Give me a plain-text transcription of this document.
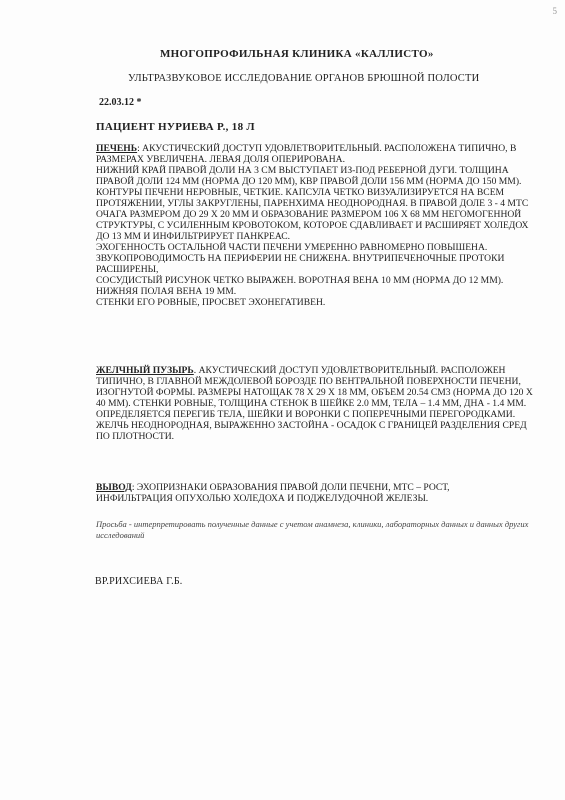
5
МНОГОПРОФИЛЬНАЯ КЛИНИКА «КАЛЛИСТО»
УЛЬТРАЗВУКОВОЕ ИССЛЕДОВАНИЕ ОРГАНОВ БРЮШНОЙ ПОЛОСТИ
22.03.12 *
ПАЦИЕНТ НУРИЕВА Р., 18 Л

ПЕЧЕНЬ: АКУСТИЧЕСКИЙ ДОСТУП УДОВЛЕТВОРИТЕЛЬНЫЙ. РАСПОЛОЖЕНА ТИПИЧНО, В РАЗМЕРАХ УВЕЛИЧЕНА. ЛЕВАЯ ДОЛЯ ОПЕРИРОВАНА.

НИЖНИЙ КРАЙ ПРАВОЙ ДОЛИ НА 3 СМ ВЫСТУПАЕТ ИЗ-ПОД РЕБЕРНОЙ ДУГИ. ТОЛЩИНА ПРАВОЙ ДОЛИ 124 ММ (НОРМА ДО 120 ММ), КВР ПРАВОЙ ДОЛИ 156 ММ (НОРМА ДО 150 ММ).

КОНТУРЫ ПЕЧЕНИ НЕРОВНЫЕ, ЧЕТКИЕ. КАПСУЛА ЧЕТКО ВИЗУАЛИЗИРУЕТСЯ НА ВСЕМ ПРОТЯЖЕНИИ, УГЛЫ ЗАКРУГЛЕНЫ, ПАРЕНХИМА НЕОДНОРОДНАЯ. В ПРАВОЙ ДОЛЕ 3 - 4 МТС ОЧАГА РАЗМЕРОМ ДО 29 Х 20 ММ И ОБРАЗОВАНИЕ РАЗМЕРОМ 106 Х 68 ММ НЕГОМОГЕННОЙ СТРУКТУРЫ, С УСИЛЕННЫМ КРОВОТОКОМ, КОТОРОЕ СДАВЛИВАЕТ И РАСШИРЯЕТ ХОЛЕДОХ ДО 13 ММ И ИНФИЛЬТРИРУЕТ ПАНКРЕАС.

ЭХОГЕННОСТЬ ОСТАЛЬНОЙ ЧАСТИ ПЕЧЕНИ УМЕРЕННО РАВНОМЕРНО ПОВЫШЕНА.

ЗВУКОПРОВОДИМОСТЬ НА ПЕРИФЕРИИ НЕ СНИЖЕНА. ВНУТРИПЕЧЕНОЧНЫЕ ПРОТОКИ РАСШИРЕНЫ,

СОСУДИСТЫЙ РИСУНОК ЧЕТКО ВЫРАЖЕН. ВОРОТНАЯ ВЕНА 10 ММ (НОРМА ДО 12 ММ).

НИЖНЯЯ ПОЛАЯ ВЕНА 19 ММ.

СТЕНКИ ЕГО РОВНЫЕ, ПРОСВЕТ ЭХОНЕГАТИВЕН.

ЖЕЛЧНЫЙ ПУЗЫРЬ. АКУСТИЧЕСКИЙ ДОСТУП УДОВЛЕТВОРИТЕЛЬНЫЙ. РАСПОЛОЖЕН ТИПИЧНО, В ГЛАВНОЙ МЕЖДОЛЕВОЙ БОРОЗДЕ ПО ВЕНТРАЛЬНОЙ ПОВЕРХНОСТИ ПЕЧЕНИ, ИЗОГНУТОЙ ФОРМЫ. РАЗМЕРЫ НАТОЩАК 78 Х 29 Х 18 ММ, ОБЪЕМ 20.54 СМ3 (НОРМА ДО 120 Х 40 ММ). СТЕНКИ РОВНЫЕ, ТОЛЩИНА СТЕНОК В ШЕЙКЕ 2.0 ММ, ТЕЛА – 1.4 ММ, ДНА - 1.4 ММ. ОПРЕДЕЛЯЕТСЯ ПЕРЕГИБ ТЕЛА, ШЕЙКИ И ВОРОНКИ С ПОПЕРЕЧНЫМИ ПЕРЕГОРОДКАМИ. ЖЕЛЧЬ НЕОДНОРОДНАЯ, ВЫРАЖЕННО ЗАСТОЙНА - ОСАДОК С ГРАНИЦЕЙ РАЗДЕЛЕНИЯ СРЕД ПО ПЛОТНОСТИ.

ВЫВОД: ЭХОПРИЗНАКИ ОБРАЗОВАНИЯ ПРАВОЙ ДОЛИ ПЕЧЕНИ, МТС – РОСТ, ИНФИЛЬТРАЦИЯ ОПУХОЛЬЮ ХОЛЕДОХА И ПОДЖЕЛУДОЧНОЙ ЖЕЛЕЗЫ.

Просьба - интерпретировать полученные данные с учетом анамнеза, клиники, лабораторных данных и данных других исследований
ВР.РИХСИЕВА Г.Б.
